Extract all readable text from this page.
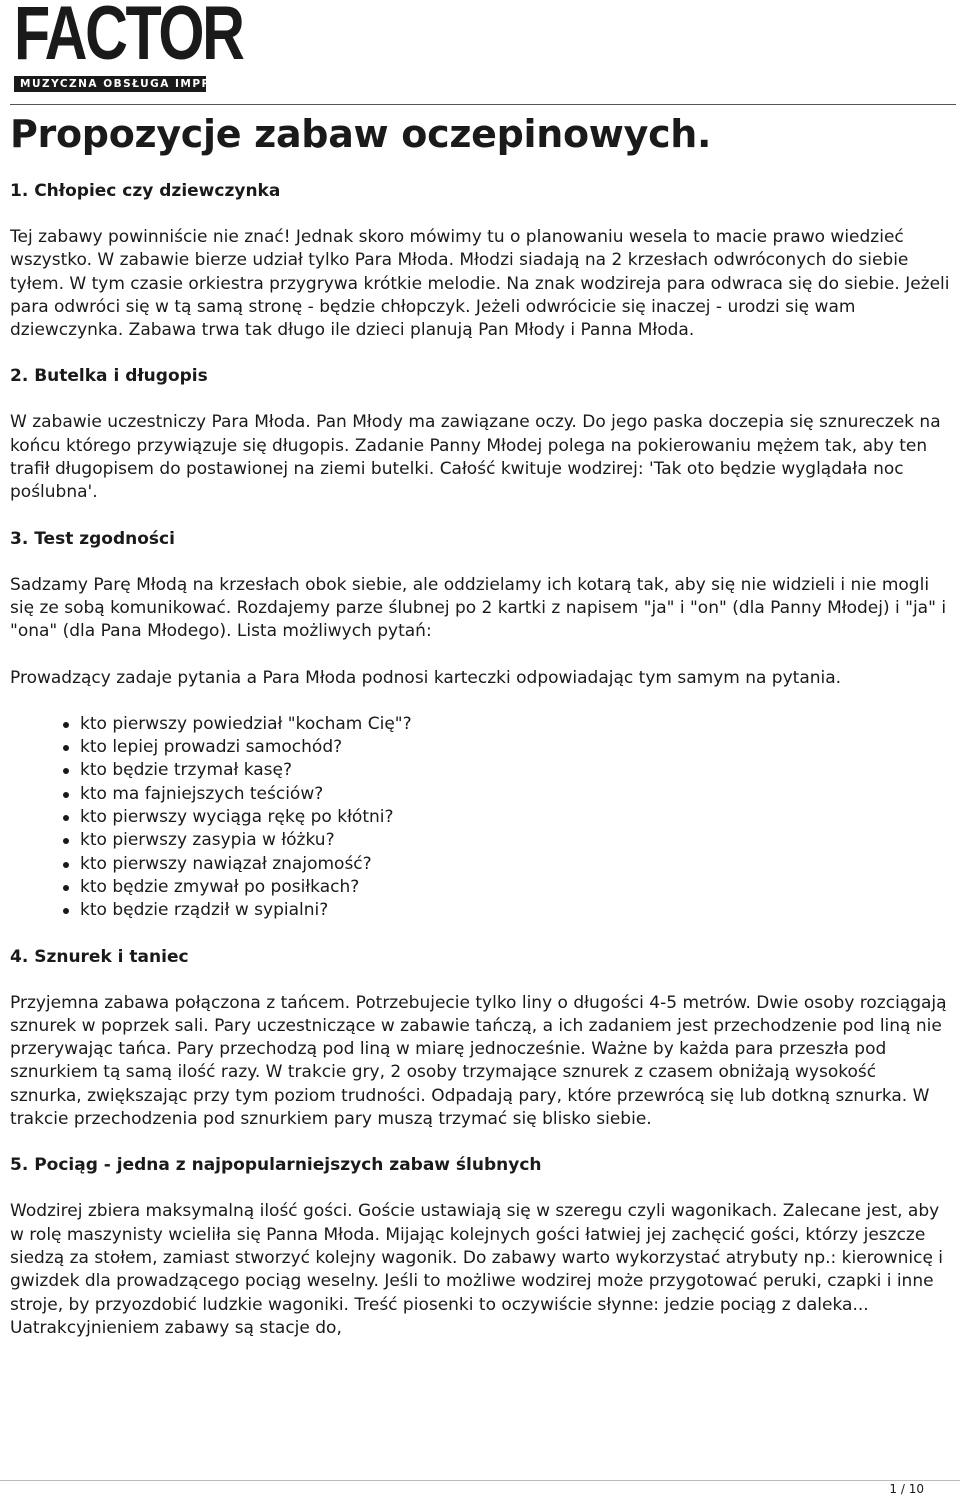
FACTOR
MUZYCZNA OBSŁUGA IMPREZ
Propozycje zabaw oczepinowych.
1. Chłopiec czy dziewczynka

Tej zabawy powinniście nie znać! Jednak skoro mówimy tu o planowaniu wesela to macie prawo wiedzieć wszystko. W zabawie bierze udział tylko Para Młoda. Młodzi siadają na 2 krzesłach odwróconych do siebie tyłem. W tym czasie orkiestra przygrywa krótkie melodie. Na znak wodzireja para odwraca się do siebie. Jeżeli para odwróci się w tą samą stronę - będzie chłopczyk. Jeżeli odwrócicie się inaczej - urodzi się wam dziewczynka. Zabawa trwa tak długo ile dzieci planują Pan Młody i Panna Młoda.

2. Butelka i długopis

W zabawie uczestniczy Para Młoda. Pan Młody ma zawiązane oczy. Do jego paska doczepia się sznureczek na końcu którego przywiązuje się długopis. Zadanie Panny Młodej polega na pokierowaniu mężem tak, aby ten trafił długopisem do postawionej na ziemi butelki. Całość kwituje wodzirej: 'Tak oto będzie wyglądała noc poślubna'.

3. Test zgodności

Sadzamy Parę Młodą na krzesłach obok siebie, ale oddzielamy ich kotarą tak, aby się nie widzieli i nie mogli się ze sobą komunikować. Rozdajemy parze ślubnej po 2 kartki z napisem "ja" i "on" (dla Panny Młodej) i "ja" i "ona" (dla Pana Młodego). Lista możliwych pytań:

Prowadzący zadaje pytania a Para Młoda podnosi karteczki odpowiadając tym samym na pytania.

kto pierwszy powiedział "kocham Cię"?
kto lepiej prowadzi samochód?
kto będzie trzymał kasę?
kto ma fajniejszych teściów?
kto pierwszy wyciąga rękę po kłótni?
kto pierwszy zasypia w łóżku?
kto pierwszy nawiązał znajomość?
kto będzie zmywał po posiłkach?
kto będzie rządził w sypialni?
4. Sznurek i taniec

Przyjemna zabawa połączona z tańcem. Potrzebujecie tylko liny o długości 4-5 metrów. Dwie osoby rozciągają sznurek w poprzek sali. Pary uczestniczące w zabawie tańczą, a ich zadaniem jest przechodzenie pod liną nie przerywając tańca. Pary przechodzą pod liną w miarę jednocześnie. Ważne by każda para przeszła pod sznurkiem tą samą ilość razy. W trakcie gry, 2 osoby trzymające sznurek z czasem obniżają wysokość sznurka, zwiększając przy tym poziom trudności. Odpadają pary, które przewrócą się lub dotkną sznurka. W trakcie przechodzenia pod sznurkiem pary muszą trzymać się blisko siebie.

5. Pociąg - jedna z najpopularniejszych zabaw ślubnych

Wodzirej zbiera maksymalną ilość gości. Goście ustawiają się w szeregu czyli wagonikach. Zalecane jest, aby w rolę maszynisty wcieliła się Panna Młoda. Mijając kolejnych gości łatwiej jej zachęcić gości, którzy jeszcze siedzą za stołem, zamiast stworzyć kolejny wagonik. Do zabawy warto wykorzystać atrybuty np.: kierownicę i gwizdek dla prowadzącego pociąg weselny. Jeśli to możliwe wodzirej może przygotować peruki, czapki i inne stroje, by przyozdobić ludzkie wagoniki. Treść piosenki to oczywiście słynne: jedzie pociąg z daleka... Uatrakcyjnieniem zabawy są stacje do,

1 / 10
